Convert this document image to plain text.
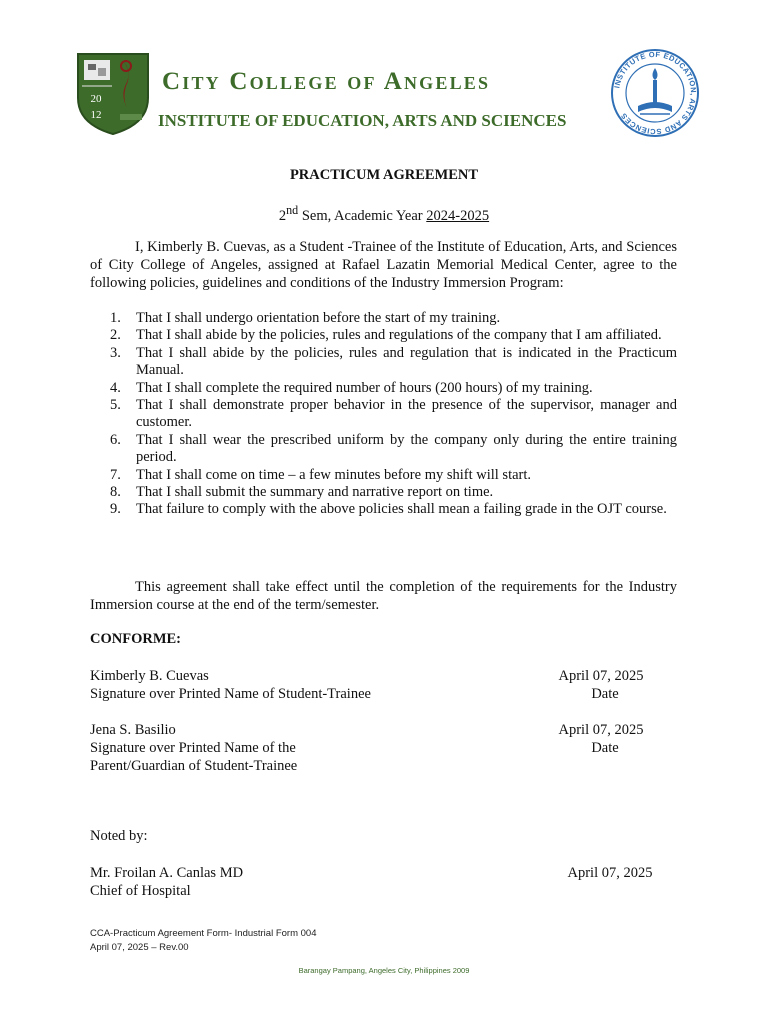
20
12
City College of Angeles
INSTITUTE OF EDUCATION, ARTS AND SCIENCES
INSTITUTE OF EDUCATION, ARTS AND SCIENCES
PRACTICUM AGREEMENT
2nd Sem, Academic Year 2024-2025
I, Kimberly B. Cuevas, as a Student -Trainee of the Institute of Education, Arts, and Sciences of City College of Angeles, assigned at Rafael Lazatin Memorial Medical Center, agree to the following policies, guidelines and conditions of the Industry Immersion Program:
1. That I shall undergo orientation before the start of my training.
2. That I shall abide by the policies, rules and regulations of the company that I am affiliated.
3. That I shall abide by the policies, rules and regulation that is indicated in the Practicum Manual.
4. That I shall complete the required number of hours (200 hours) of my training.
5. That I shall demonstrate proper behavior in the presence of the supervisor, manager and customer.
6. That I shall wear the prescribed uniform by the company only during the entire training period.
7. That I shall come on time – a few minutes before my shift will start.
8. That I shall submit the summary and narrative report on time.
9. That failure to comply with the above policies shall mean a failing grade in the OJT course.
This agreement shall take effect until the completion of the requirements for the Industry Immersion course at the end of the term/semester.
CONFORME:
Kimberly B. Cuevas
Signature over Printed Name of Student-Trainee
April 07, 2025
Date
Jena S. Basilio
Signature over Printed Name of the
Parent/Guardian of Student-Trainee
April 07, 2025
Date
Noted by:
Mr. Froilan A. Canlas MD
Chief of Hospital
April 07, 2025
CCA-Practicum Agreement Form- Industrial Form 004
April 07, 2025 – Rev.00
Barangay Pampang, Angeles City, Philippines 2009
